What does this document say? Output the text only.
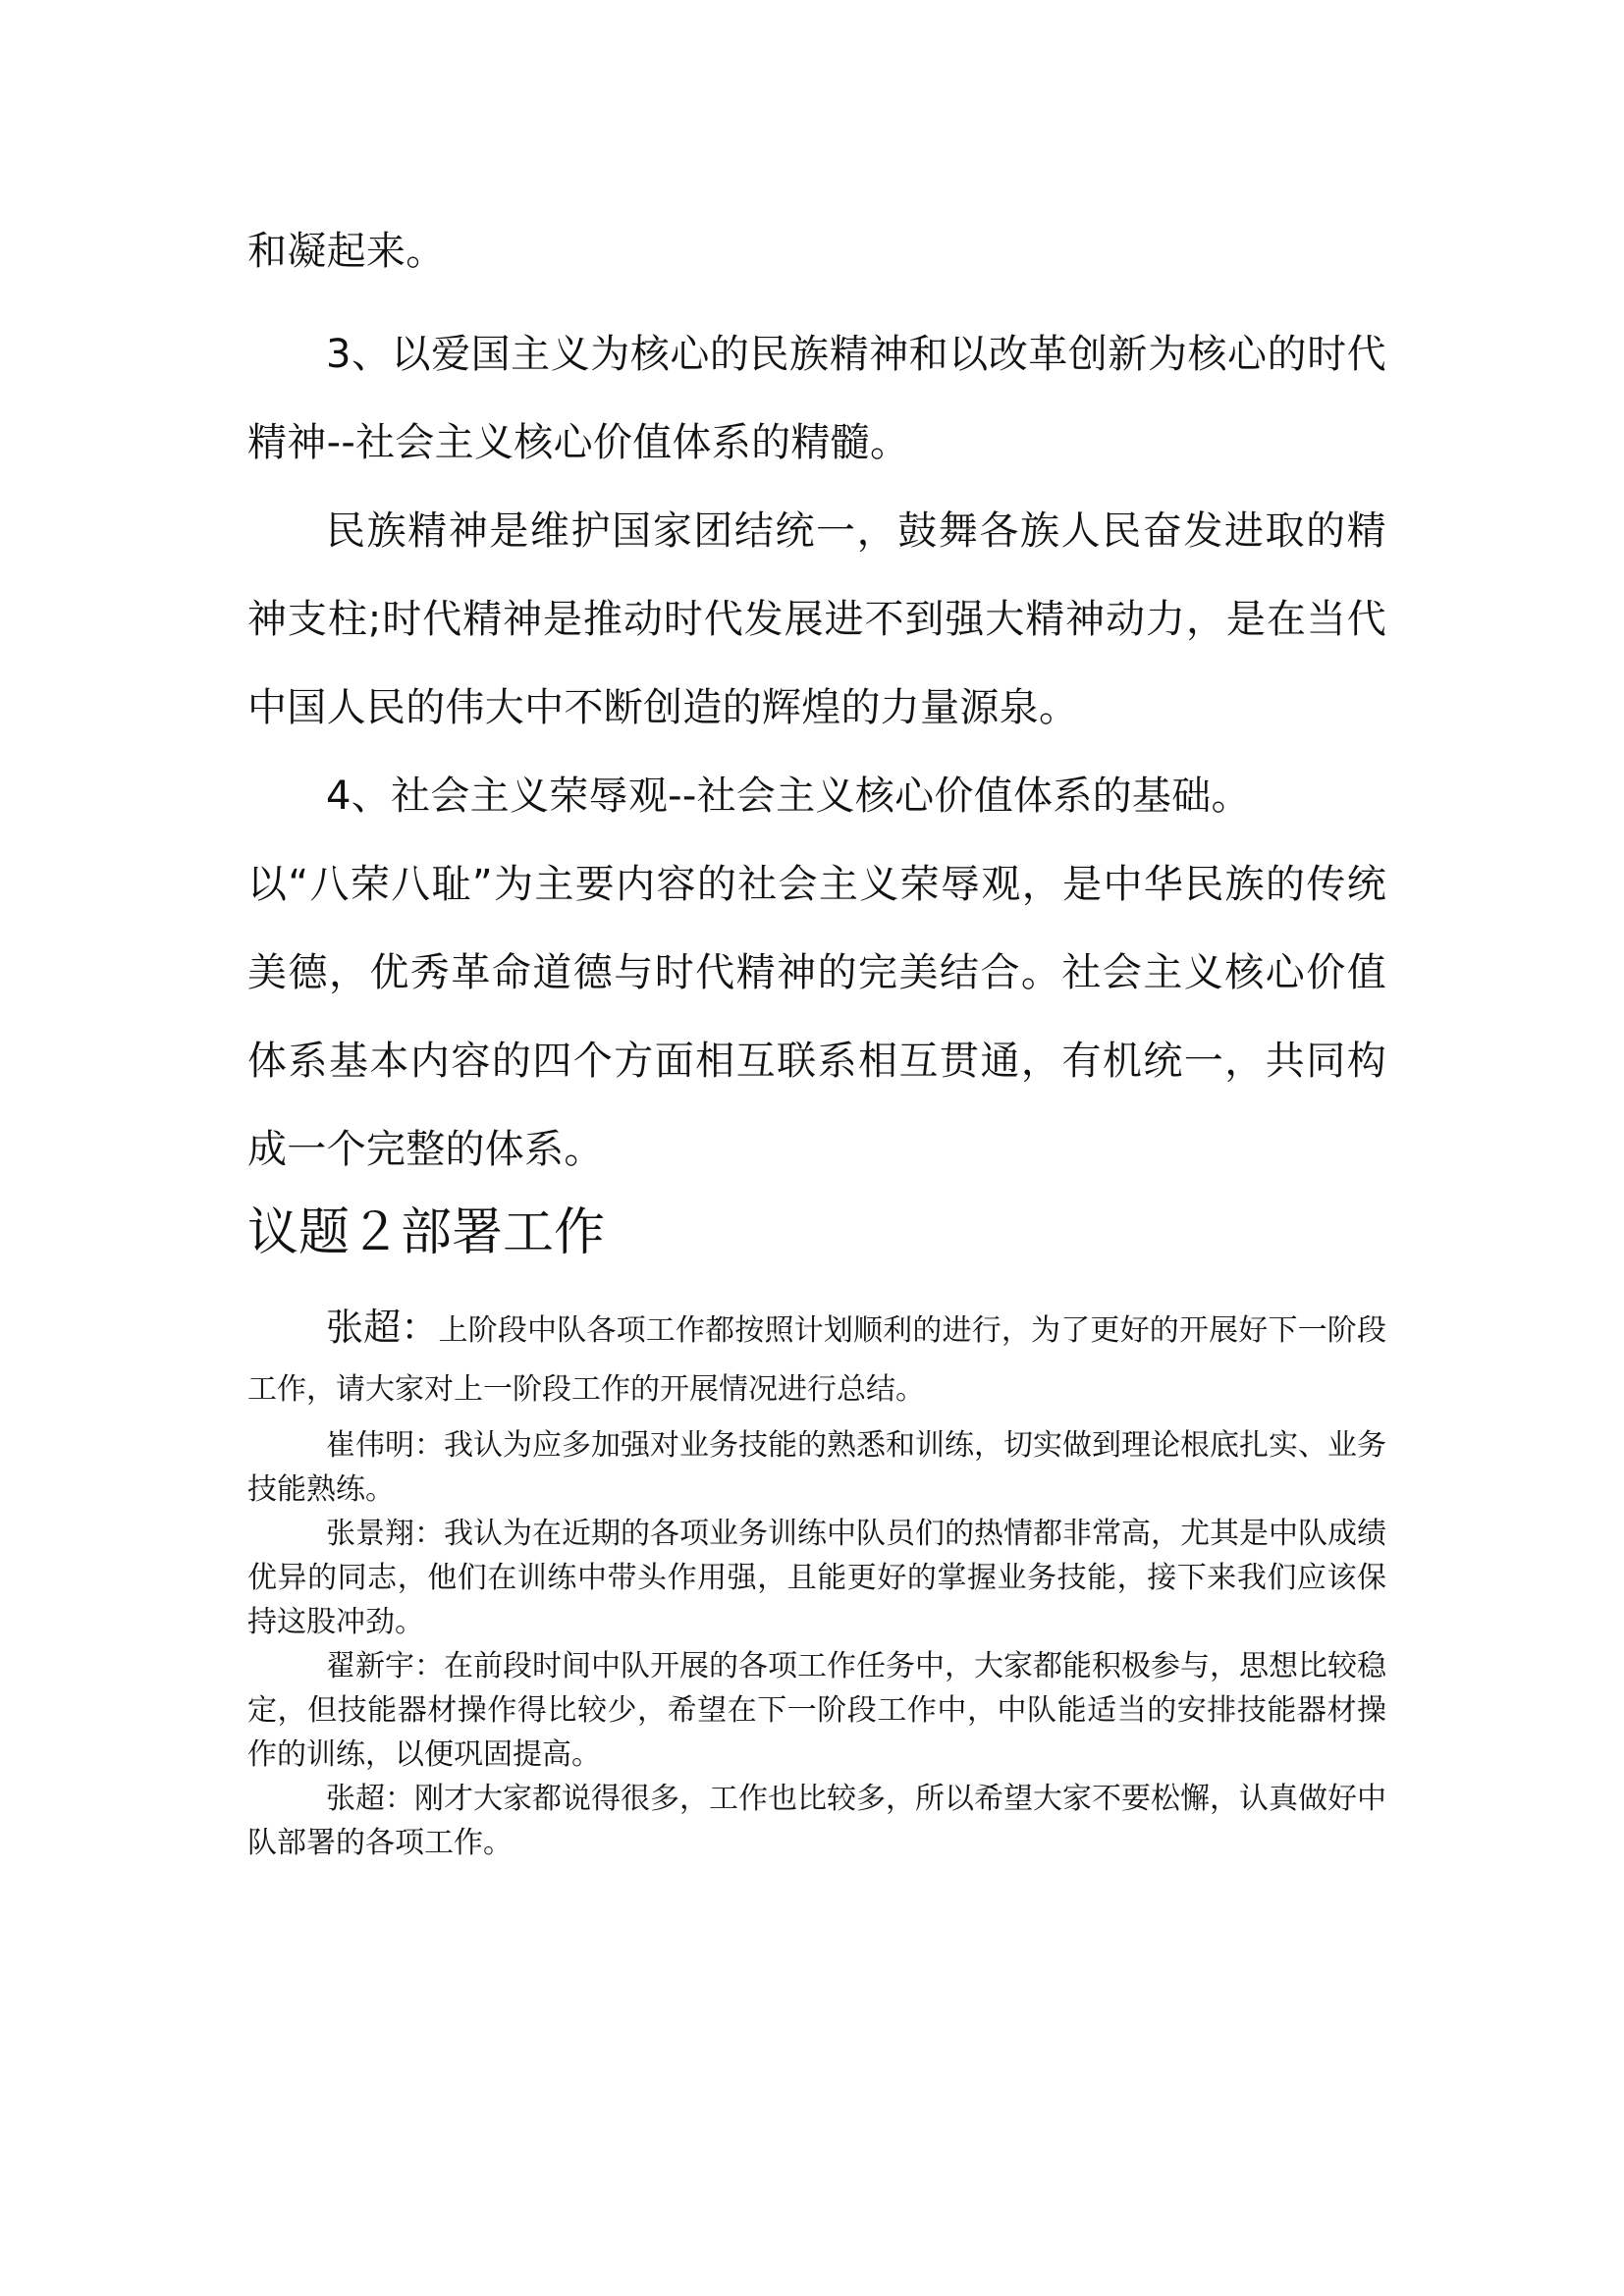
和凝起来。

3、以爱国主义为核心的民族精神和以改革创新为核心的时代精神--社会主义核心价值体系的精髓。

民族精神是维护国家团结统一，鼓舞各族人民奋发进取的精神支柱;时代精神是推动时代发展进不到强大精神动力，是在当代中国人民的伟大中不断创造的辉煌的力量源泉。

4、社会主义荣辱观--社会主义核心价值体系的基础。

以“八荣八耻”为主要内容的社会主义荣辱观，是中华民族的传统美德，优秀革命道德与时代精神的完美结合。社会主义核心价值体系基本内容的四个方面相互联系相互贯通，有机统一，共同构成一个完整的体系。

议题２部署工作

张超：上阶段中队各项工作都按照计划顺利的进行，为了更好的开展好下一阶段工作，请大家对上一阶段工作的开展情况进行总结。

崔伟明：我认为应多加强对业务技能的熟悉和训练，切实做到理论根底扎实、业务技能熟练。

张景翔：我认为在近期的各项业务训练中队员们的热情都非常高，尤其是中队成绩优异的同志，他们在训练中带头作用强，且能更好的掌握业务技能，接下来我们应该保持这股冲劲。

翟新宇：在前段时间中队开展的各项工作任务中，大家都能积极参与，思想比较稳定，但技能器材操作得比较少，希望在下一阶段工作中，中队能适当的安排技能器材操作的训练，以便巩固提高。

张超：刚才大家都说得很多，工作也比较多，所以希望大家不要松懈，认真做好中队部署的各项工作。
